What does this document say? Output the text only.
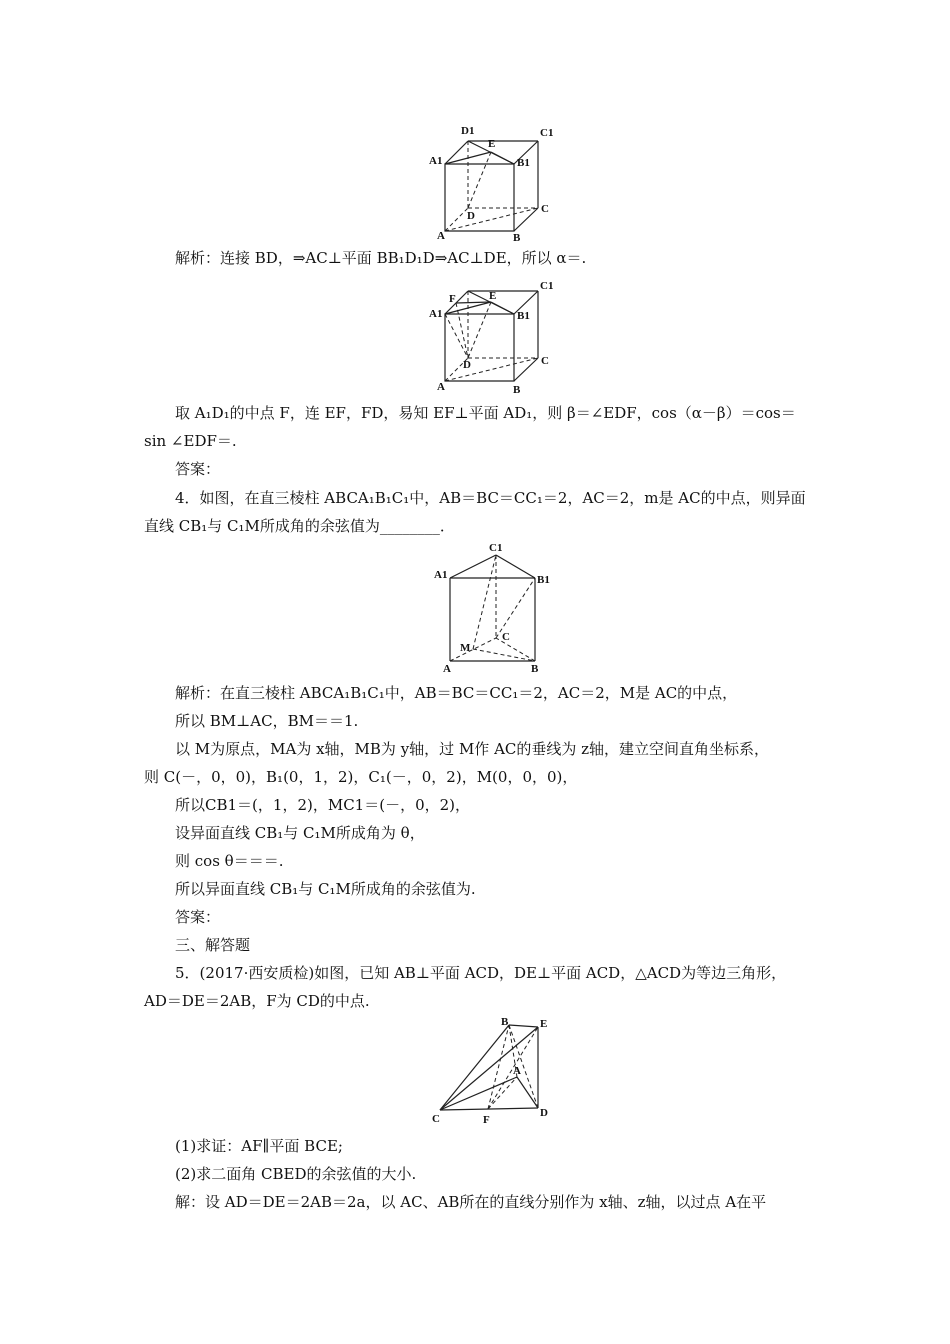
D1	C1
A1
E
B1
D
C
A	B
解析：连接 BD，⇒AC⊥平面 BB₁D₁D⇒AC⊥DE，所以 α＝.
F	E
C1
A1	B1
D	C
A	B
取 A₁D₁的中点 F，连 EF，FD，易知 EF⊥平面 AD₁，则 β＝∠EDF，cos（α－β）＝cos＝
sin ∠EDF＝.
答案：
4．如图，在直三棱柱 ABCA₁B₁C₁中，AB＝BC＝CC₁＝2，AC＝2，m是 AC的中点，则异面
直线 CB₁与 C₁M所成角的余弦值为________．
C1
A1	B1
M
C
A	B
解析：在直三棱柱 ABCA₁B₁C₁中，AB＝BC＝CC₁＝2，AC＝2，M是 AC的中点，
所以 BM⊥AC，BM＝＝1.
以 M为原点，MA为 x轴，MB为 y轴，过 M作 AC的垂线为 z轴，建立空间直角坐标系，
则 C(－，0，0)，B₁(0，1，2)，C₁(－，0，2)，M(0，0，0)，
所以CB1＝(，1，2)，MC1＝(－，0，2)，
设异面直线 CB₁与 C₁M所成角为 θ，
则 cos θ＝＝＝.
所以异面直线 CB₁与 C₁M所成角的余弦值为.
答案：
三、解答题
5．(2017·西安质检)如图，已知 AB⊥平面 ACD，DE⊥平面 ACD，△ACD为等边三角形，
AD＝DE＝2AB，F为 CD的中点.
B	E
A
C	F
D
(1)求证：AF∥平面 BCE;
(2)求二面角 CBED的余弦值的大小.
解：设 AD＝DE＝2AB＝2a，以 AC、AB所在的直线分别作为 x轴、z轴，以过点 A在平
